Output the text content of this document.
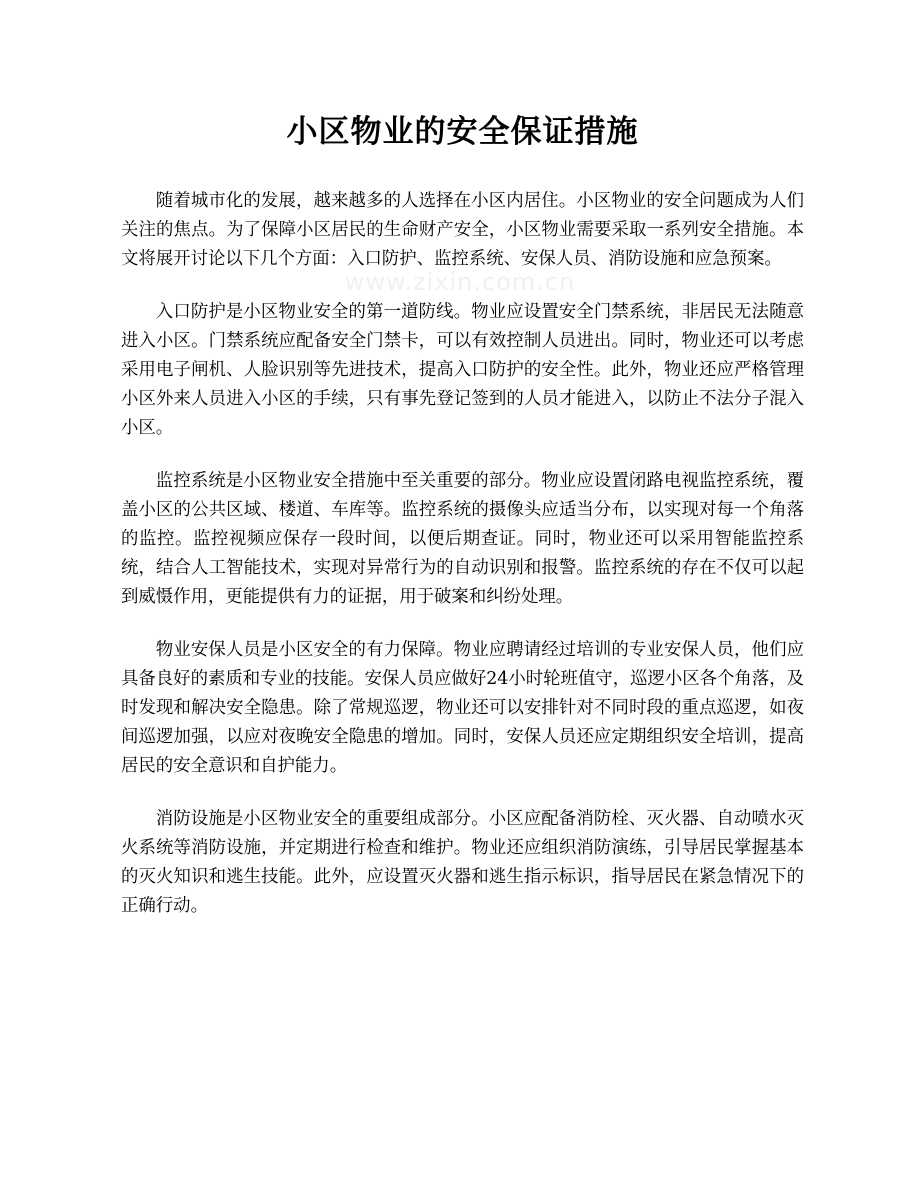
小区物业的安全保证措施

随着城市化的发展，越来越多的人选择在小区内居住。小区物业的安全问题成为人们关注的焦点。为了保障小区居民的生命财产安全，小区物业需要采取一系列安全措施。本文将展开讨论以下几个方面：入口防护、监控系统、安保人员、消防设施和应急预案。

入口防护是小区物业安全的第一道防线。物业应设置安全门禁系统，非居民无法随意进入小区。门禁系统应配备安全门禁卡，可以有效控制人员进出。同时，物业还可以考虑采用电子闸机、人脸识别等先进技术，提高入口防护的安全性。此外，物业还应严格管理小区外来人员进入小区的手续，只有事先登记签到的人员才能进入，以防止不法分子混入小区。

监控系统是小区物业安全措施中至关重要的部分。物业应设置闭路电视监控系统，覆盖小区的公共区域、楼道、车库等。监控系统的摄像头应适当分布，以实现对每一个角落的监控。监控视频应保存一段时间，以便后期查证。同时，物业还可以采用智能监控系统，结合人工智能技术，实现对异常行为的自动识别和报警。监控系统的存在不仅可以起到威慑作用，更能提供有力的证据，用于破案和纠纷处理。

物业安保人员是小区安全的有力保障。物业应聘请经过培训的专业安保人员，他们应具备良好的素质和专业的技能。安保人员应做好24小时轮班值守，巡逻小区各个角落，及时发现和解决安全隐患。除了常规巡逻，物业还可以安排针对不同时段的重点巡逻，如夜间巡逻加强，以应对夜晚安全隐患的增加。同时，安保人员还应定期组织安全培训，提高居民的安全意识和自护能力。

消防设施是小区物业安全的重要组成部分。小区应配备消防栓、灭火器、自动喷水灭火系统等消防设施，并定期进行检查和维护。物业还应组织消防演练，引导居民掌握基本的灭火知识和逃生技能。此外，应设置灭火器和逃生指示标识，指导居民在紧急情况下的正确行动。

www.zixin.com.cn
